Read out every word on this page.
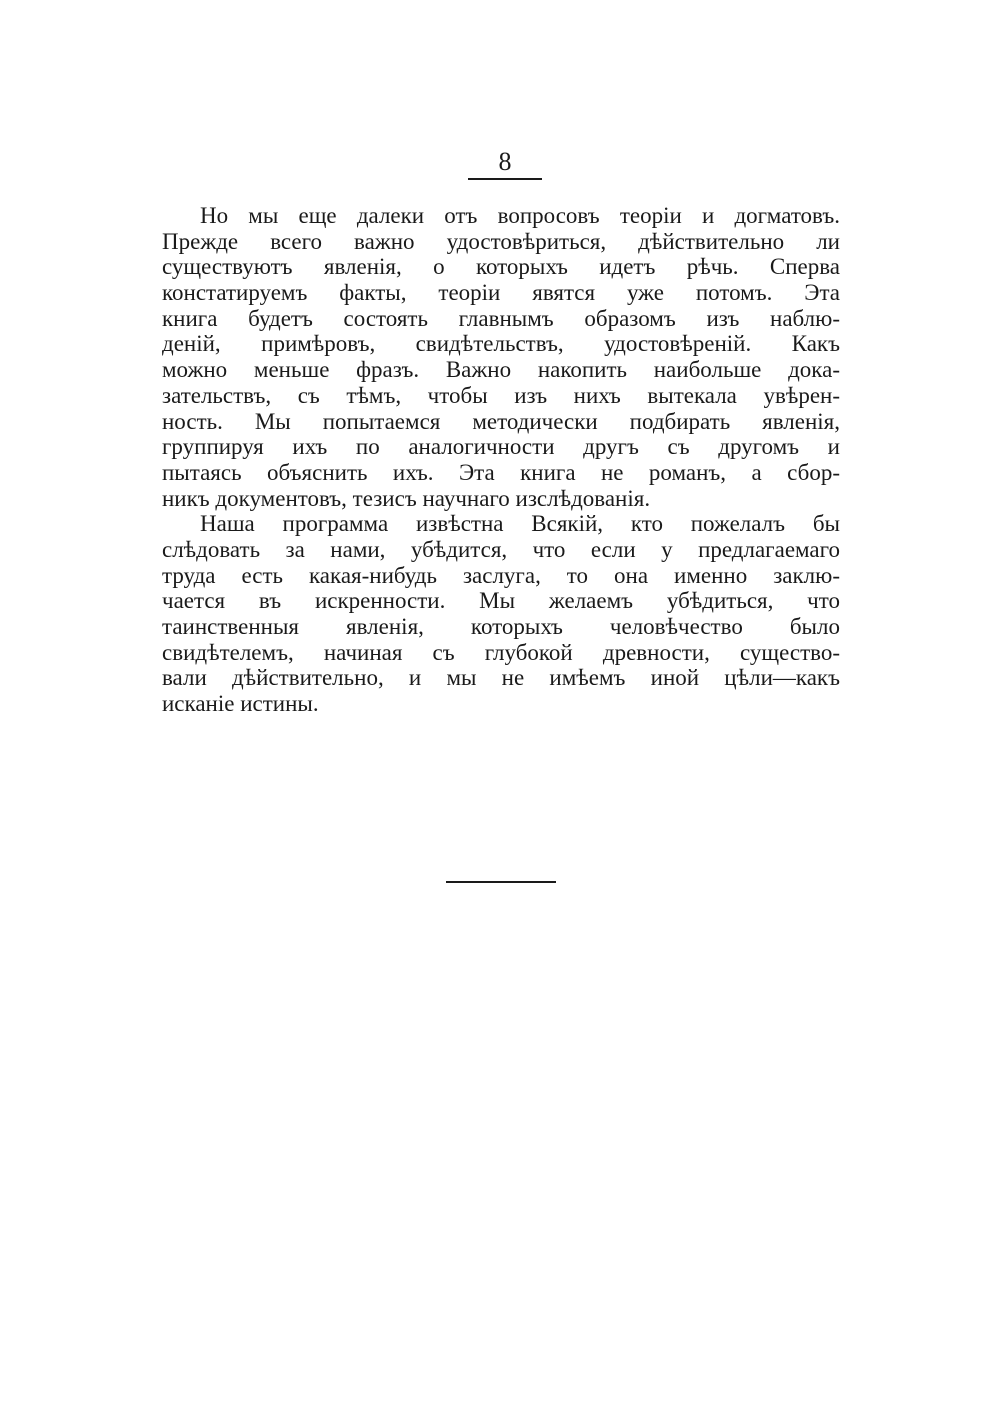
8
Но мы еще далеки отъ вопросовъ теорiи и догматовъ.
Прежде всего важно удостовѣриться, дѣйствительно ли
существуютъ явленія, о которыхъ идетъ рѣчь. Сперва
констатируемъ факты, теорiи явятся уже потомъ. Эта
книга будетъ состоять главнымъ образомъ изъ наблю-
деній, примѣровъ, свидѣтельствъ, удостовѣреній. Какъ
можно меньше фразъ. Важно накопить наибольше дока-
зательствъ, съ тѣмъ, чтобы изъ нихъ вытекала увѣрен-
ность. Мы попытаемся методически подбирать явленія,
группируя ихъ по аналогичности другъ съ другомъ и
пытаясь объяснить ихъ. Эта книга не романъ, а сбор-
никъ документовъ, тезисъ научнаго изслѣдованія.
Наша программа извѣстна Всякій, кто пожелалъ бы
слѣдовать за нами, убѣдится, что если у предлагаемаго
труда есть какая-нибудь заслуга, то она именно заклю-
чается въ искренности. Мы желаемъ убѣдиться, что
таинственныя явленія, которыхъ человѣчество было
свидѣтелемъ, начиная съ глубокой древности, существо-
вали дѣйствительно, и мы не имѣемъ иной цѣли—какъ
исканіе истины.
